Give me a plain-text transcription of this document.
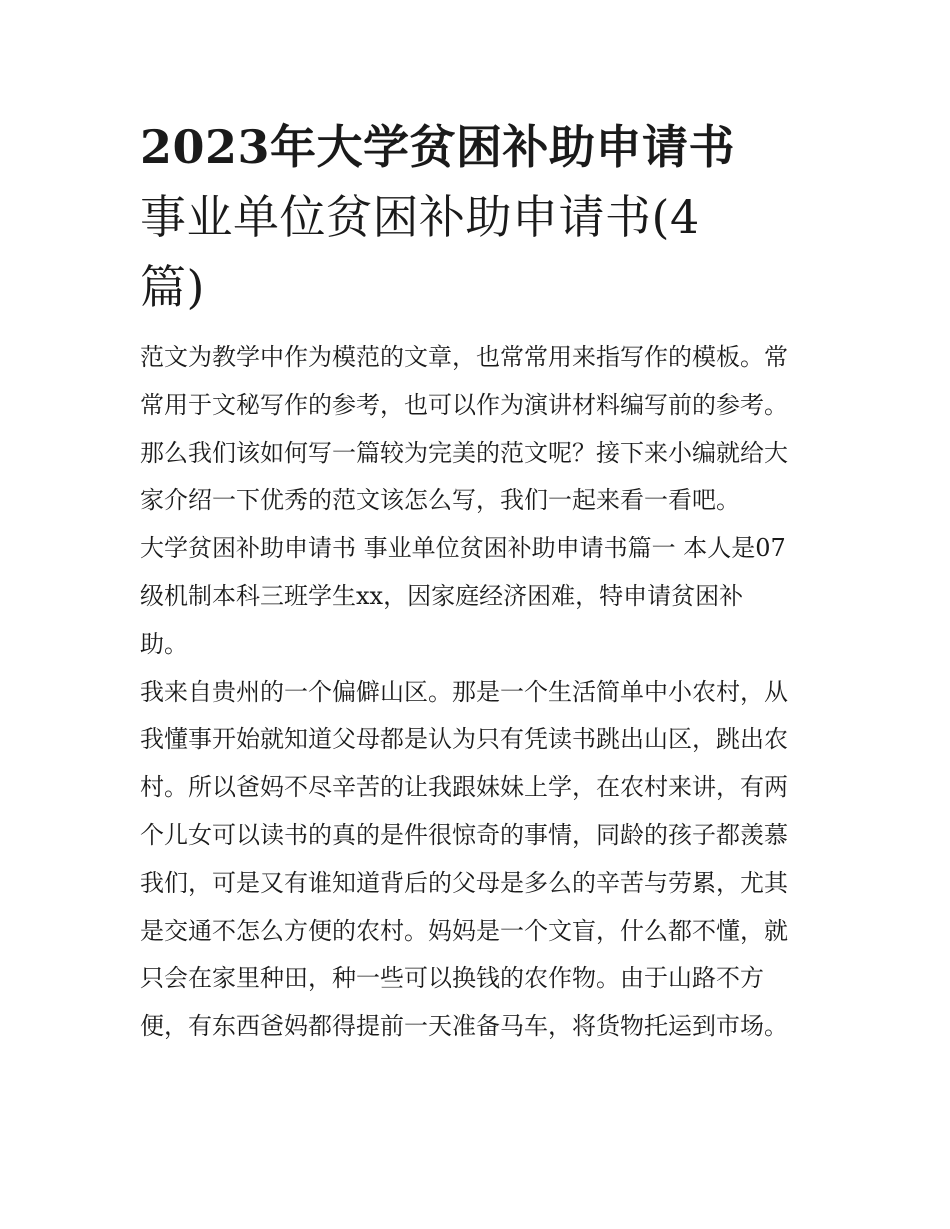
2023年大学贫困补助申请书
事业单位贫困补助申请书(4
篇)

范文为教学中作为模范的文章，也常常用来指写作的模板。常
常用于文秘写作的参考，也可以作为演讲材料编写前的参考。
那么我们该如何写一篇较为完美的范文呢？接下来小编就给大
家介绍一下优秀的范文该怎么写，我们一起来看一看吧。

大学贫困补助申请书 事业单位贫困补助申请书篇一 本人是07
级机制本科三班学生xx，因家庭经济困难，特申请贫困补
助。

我来自贵州的一个偏僻山区。那是一个生活简单中小农村，从
我懂事开始就知道父母都是认为只有凭读书跳出山区，跳出农
村。所以爸妈不尽辛苦的让我跟妹妹上学，在农村来讲，有两
个儿女可以读书的真的是件很惊奇的事情，同龄的孩子都羡慕
我们，可是又有谁知道背后的父母是多么的辛苦与劳累，尤其
是交通不怎么方便的农村。妈妈是一个文盲，什么都不懂，就
只会在家里种田，种一些可以换钱的农作物。由于山路不方
便，有东西爸妈都得提前一天准备马车，将货物托运到市场。
